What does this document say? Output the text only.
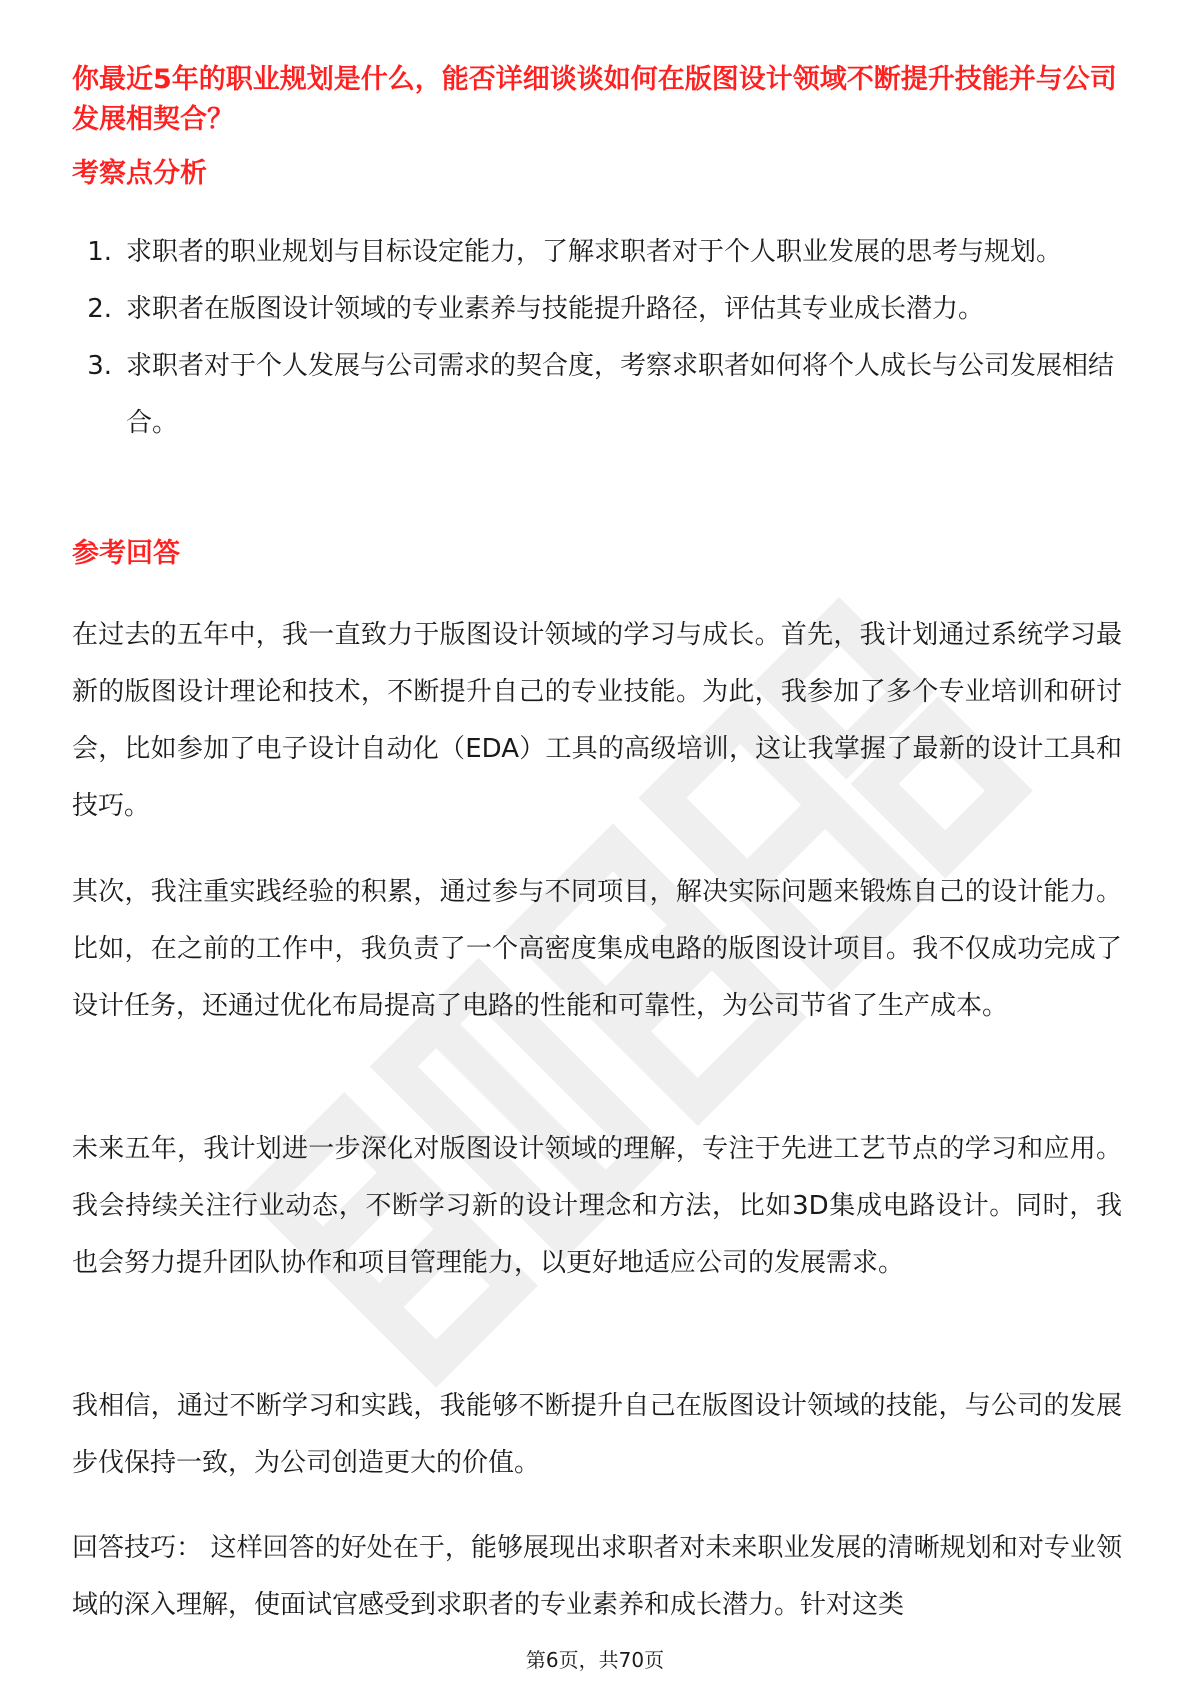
你最近5年的职业规划是什么，能否详细谈谈如何在版图设计领域不断提升技能并与公司发展相契合？
考察点分析
1. 求职者的职业规划与目标设定能力，了解求职者对于个人职业发展的思考与规划。
2. 求职者在版图设计领域的专业素养与技能提升路径，评估其专业成长潜力。
3. 求职者对于个人发展与公司需求的契合度，考察求职者如何将个人成长与公司发展相结合。
参考回答

在过去的五年中，我一直致力于版图设计领域的学习与成长。首先，我计划通过系统学习最新的版图设计理论和技术，不断提升自己的专业技能。为此，我参加了多个专业培训和研讨会，比如参加了电子设计自动化（EDA）工具的高级培训，这让我掌握了最新的设计工具和技巧。

其次，我注重实践经验的积累，通过参与不同项目，解决实际问题来锻炼自己的设计能力。比如，在之前的工作中，我负责了一个高密度集成电路的版图设计项目。我不仅成功完成了设计任务，还通过优化布局提高了电路的性能和可靠性，为公司节省了生产成本。

未来五年，我计划进一步深化对版图设计领域的理解，专注于先进工艺节点的学习和应用。我会持续关注行业动态，不断学习新的设计理念和方法，比如3D集成电路设计。同时，我也会努力提升团队协作和项目管理能力，以更好地适应公司的发展需求。

我相信，通过不断学习和实践，我能够不断提升自己在版图设计领域的技能，与公司的发展步伐保持一致，为公司创造更大的价值。

回答技巧： 这样回答的好处在于，能够展现出求职者对未来职业发展的清晰规划和对专业领域的深入理解，使面试官感受到求职者的专业素养和成长潜力。针对这类

第6页，共70页
